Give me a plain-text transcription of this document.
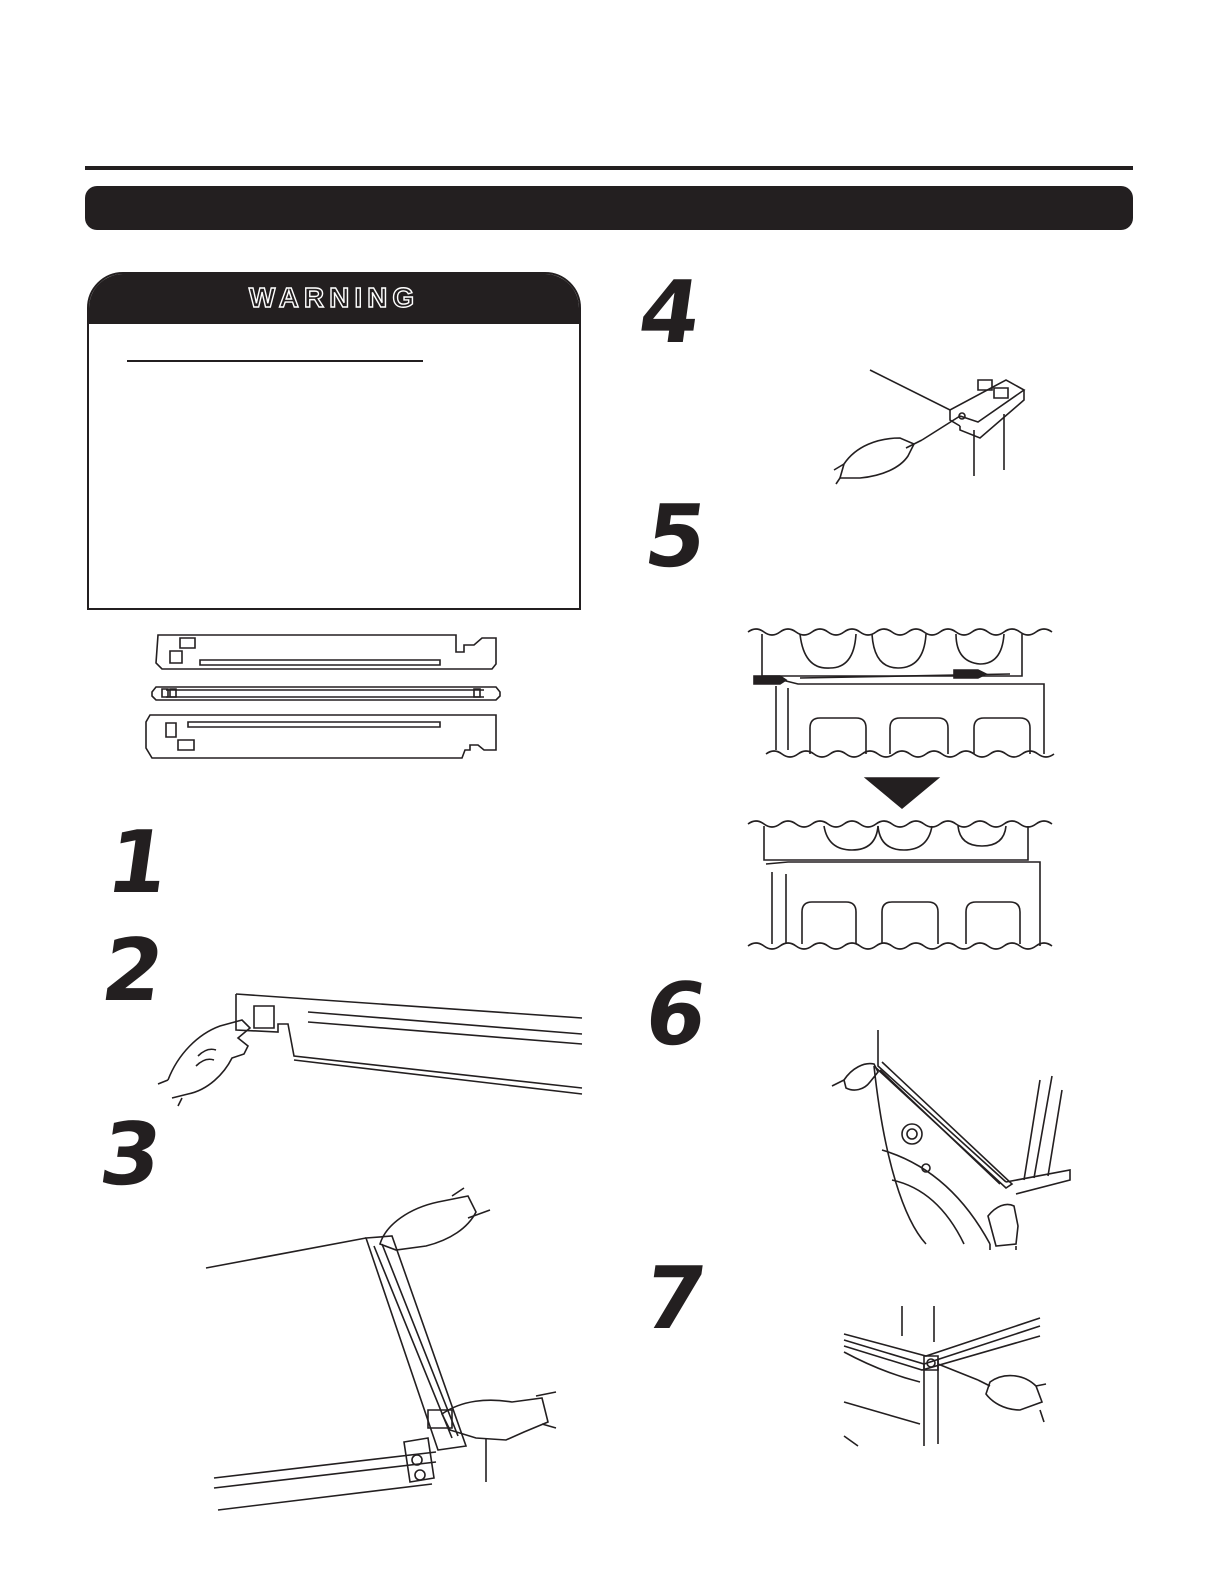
WARNING
1
2
3
4
5
6
7
